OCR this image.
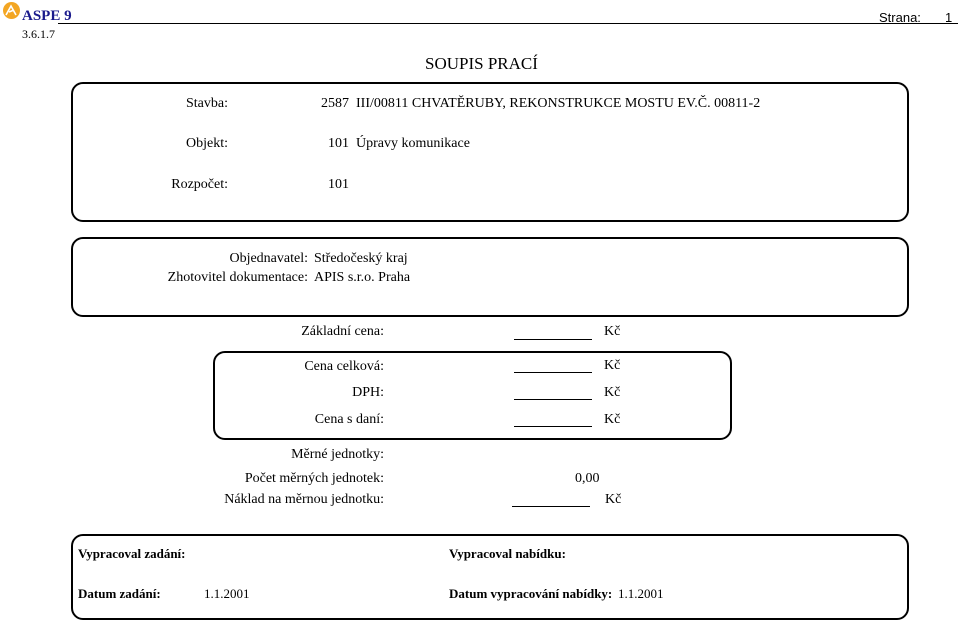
ASPE 9
3.6.1.7
Strana: 1
SOUPIS PRACÍ
Stavba:	2587  III/00811 CHVATĚRUBY, REKONSTRUKCE MOSTU EV.Č. 00811-2
Objekt:	101  Úpravy komunikace
Rozpočet:	101
Objednavatel: Středočeský kraj
Zhotovitel dokumentace: APIS s.r.o. Praha
Základní cena:	Kč
Cena celková:	Kč
DPH:	Kč
Cena s daní:	Kč
Měrné jednotky:
Počet měrných jednotek:	0,00
Náklad na měrnou jednotku:	Kč
Vypracoval zadání:	Vypracoval nabídku:
Datum zadání:	1.1.2001	Datum vypracování nabídky: 1.1.2001
